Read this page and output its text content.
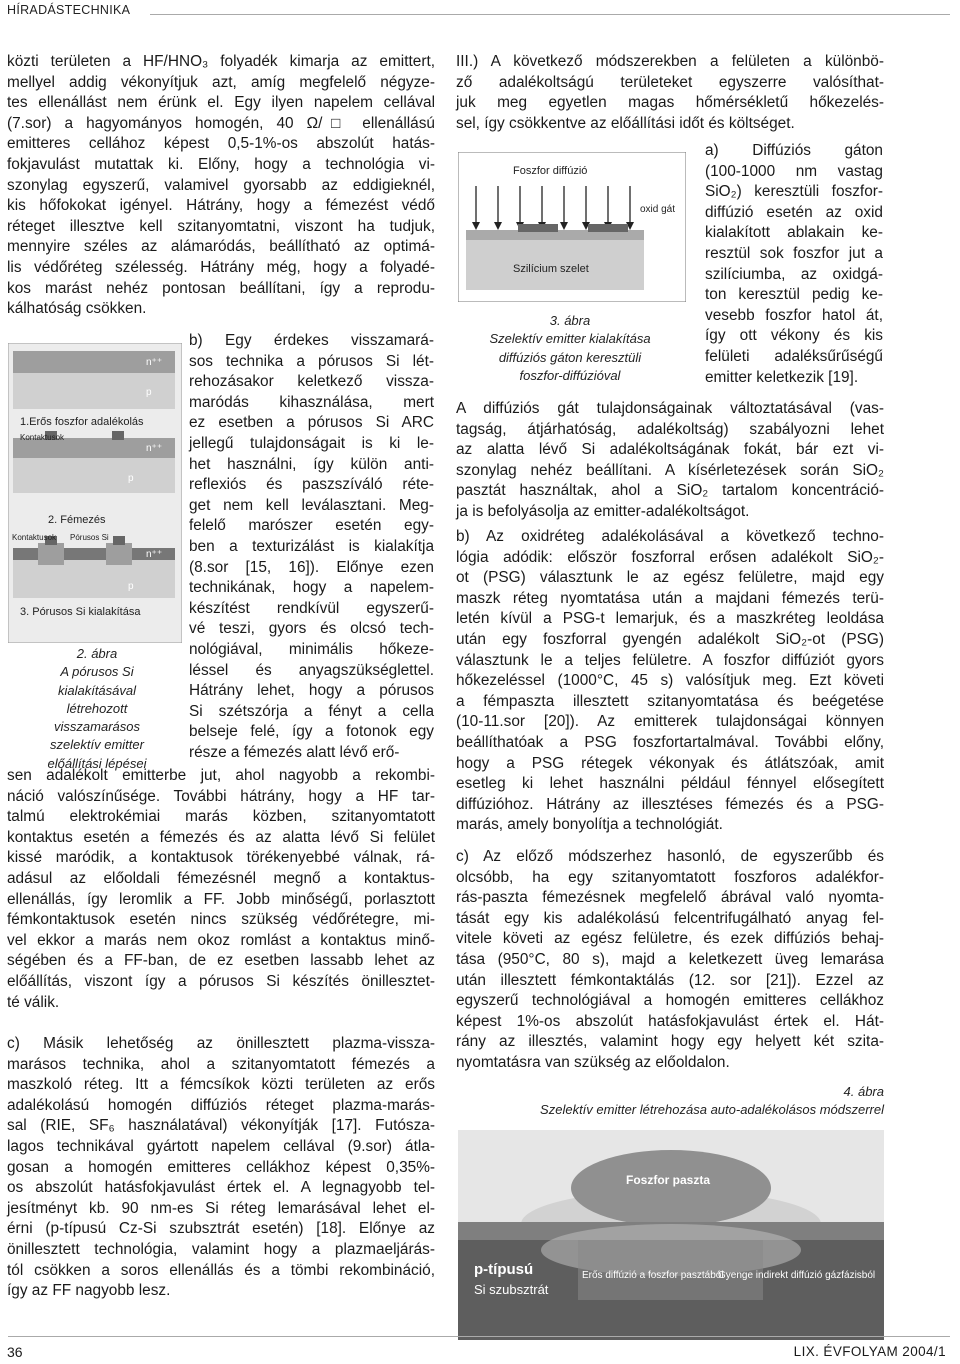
HÍRADÁSTECHNIKA
közti területen a HF/HNO₃ folyadék kimarja az emittert,
mellyel addig vékonyítjuk azt, amíg megfelelő négyze-
tes ellenállást nem érünk el. Egy ilyen napelem cellával
(7.sor) a hagyományos homogén, 40 Ω/□ ellenállású
emitteres cellához képest 0,5-1%-os abszolút hatás-
fokjavulást mutattak ki. Előny, hogy a technológia vi-
szonylag egyszerű, valamivel gyorsabb az eddigieknél,
kis hőfokokat igényel. Hátrány, hogy a fémezést védő
réteget illesztve kell szitanyomtatni, viszont ha tudjuk,
mennyire széles az alámaródás, beállítható az optimá-
lis védőréteg szélesség. Hátrány még, hogy a folyadé-
kos marást nehéz pontosan beállítani, így a reprodu-
kálhatóság csökken.
n⁺⁺
p
1.Erős foszfor adalékolás
Kontaktusok
n⁺⁺
p
2. Fémezés
Kontaktusok Pórusos Si
n⁺⁺
p
3. Pórusos Si kialakítása
2. ábra
A pórusos Si
kialakításával
létrehozott
visszamarásos
szelektív emitter
előállítási lépései
b) Egy érdekes visszamará-
sos technika a pórusos Si lét-
rehozásakor keletkező vissza-
maródás kihasználása, mert
ez esetben a pórusos Si ARC
jellegű tulajdonságait is ki le-
het használni, így külön anti-
reflexiós és paszszíváló réte-
get nem kell leválasztani. Meg-
felelő marószer esetén egy-
ben a texturizálást is kialakítja
(8.sor [15, 16]). Előnye ezen
technikának, hogy a napelem-
készítést rendkívül egyszerű-
vé teszi, gyors és olcsó tech-
nológiával, minimális hőkeze-
léssel és anyagszükséglettel.
Hátrány lehet, hogy a pórusos
Si szétszórja a fényt a cella
belseje felé, így a fotonok egy
része a fémezés alatt lévő erő-
sen adalékolt emitterbe jut, ahol nagyobb a rekombi-
náció valószínűsége. További hátrány, hogy a HF tar-
talmú elektrokémiai marás közben, szitanyomtatott
kontaktus esetén a fémezés és az alatta lévő Si felület
kissé maródik, a kontaktusok törékenyebbé válnak, rá-
adásul az előoldali fémezésnél megnő a kontaktus-
ellenállás, így leromlik a FF. Jobb minőségű, porlasztott
fémkontaktusok esetén nincs szükség védőrétegre, mi-
vel ekkor a marás nem okoz romlást a kontaktus minő-
ségében és a FF-ban, de ez esetben lassabb lehet az
előállítás, viszont így a pórusos Si készítés önillesztet-
té válik.
c) Másik lehetőség az önillesztett plazma-vissza-
marásos technika, ahol a szitanyomtatott fémezés a
maszkoló réteg. Itt a fémcsíkok közti területen az erős
adalékolású homogén diffúziós réteget plazma-marás-
sal (RIE, SF₆ használatával) vékonyítják [17]. Futószа-
lagos technikával gyártott napelem cellával (9.sor) átla-
gosan a homogén emitteres cellákhoz képest 0,35%-
os abszolút hatásfokjavulást értek el. A legnagyobb tel-
jesítményt kb. 90 nm-es Si réteg lemarásával lehet el-
érni (p-típusú Cz-Si szubsztrát esetén) [18]. Előnye az
önillesztett technológia, valamint hogy a plazmaeljárás-
tól csökken a soros ellenállás és a tömbi rekombináció,
így az FF nagyobb lesz.
III.) A következő módszerekben a felületen a különbö-
ző adalékoltságú területeket egyszerre valósíthat-
juk meg egyetlen magas hőmérsékletű hőkezelés-
sel, így csökkentve az előállítási időt és költséget.
Foszfor diffúzió
oxid gát
Szilícium szelet
3. ábra
Szelektív emitter kialakítása
diffúziós gáton keresztüli
foszfor-diffúzióval
a) Diffúziós gáton
(100-1000 nm vastag
SiO₂) keresztüli foszfor-
diffúzió esetén az oxid
kialakított ablakain ke-
resztül sok foszfor jut a
szilíciumba, az oxidgá-
ton keresztül pedig ke-
vesebb foszfor hatol át,
így ott vékony és kis
felületi adaléksűrűségű
emitter keletkezik [19].
A diffúziós gát tulajdonságainak változtatásával (vas-
tagság, átjárhatóság, adalékoltság) szabályozni lehet
az alatta lévő Si adalékoltságának fokát, bár ezt vi-
szonylag nehéz beállítani. A kísérletezések során SiO₂
pasztát használtak, ahol a SiO₂ tartalom koncentráció-
ja is befolyásolja az emitter-adalékoltságot.
b) Az oxidréteg adalékolásával a következő techno-
lógia adódik: először foszforral erősen adalékolt SiO₂-
ot (PSG) választunk le az egész felületre, majd egy
maszk réteg nyomtatása után a majdani fémezés terü-
letén kívül a PSG-t lemarjuk, és a maszkréteg leoldása
után egy foszforral gyengén adalékolt SiO₂-ot (PSG)
választunk le a teljes felületre. A foszfor diffúziót gyors
hőkezeléssel (1000°C, 45 s) valósítjuk meg. Ezt követi
a fémpaszta illesztett szitanyomtatása és beégetése
(10-11.sor [20]). Az emitterek tulajdonságai könnyen
beállíthatóak a PSG foszfortartalmával. További előny,
hogy a PSG rétegek vékonyak és átlátszóak, amit
esetleg ki lehet használni például fénnyel elősegített
diffúzióhoz. Hátrány az illesztéses fémezés és a PSG-
marás, amely bonyolítja a technológiát.
c) Az előző módszerhez hasonló, de egyszerűbb és
olcsóbb, ha egy szitanyomtatott foszforos adalékfor-
rás-paszta fémezésnek megfelelő ábrával való nyomta-
tását egy kis adalékolású felcentrifugálható anyag fel-
vitele követi az egész felületre, és ezek diffúziós behaj-
tása (950°C, 80 s), majd a keletkezett üveg lemarása
után illesztett fémkontaktálás (12. sor [21]). Ezzel az
egyszerű technológiával a homogén emitteres cellákhoz
képest 1%-os abszolút hatásfokjavulást értek el. Hát-
rány az illesztés, valamint hogy egy helyett két szita-
nyomtatásra van szükség az előoldalon.
4. ábra
Szelektív emitter létrehozása auto-adalékolásos módszerrel
Foszfor paszta
p-típusú
Si szubsztrát
Erős diffúzió a foszfor pasztából
Gyenge indirekt diffúzió gázfázisból
36	LIX. ÉVFOLYAM 2004/1
